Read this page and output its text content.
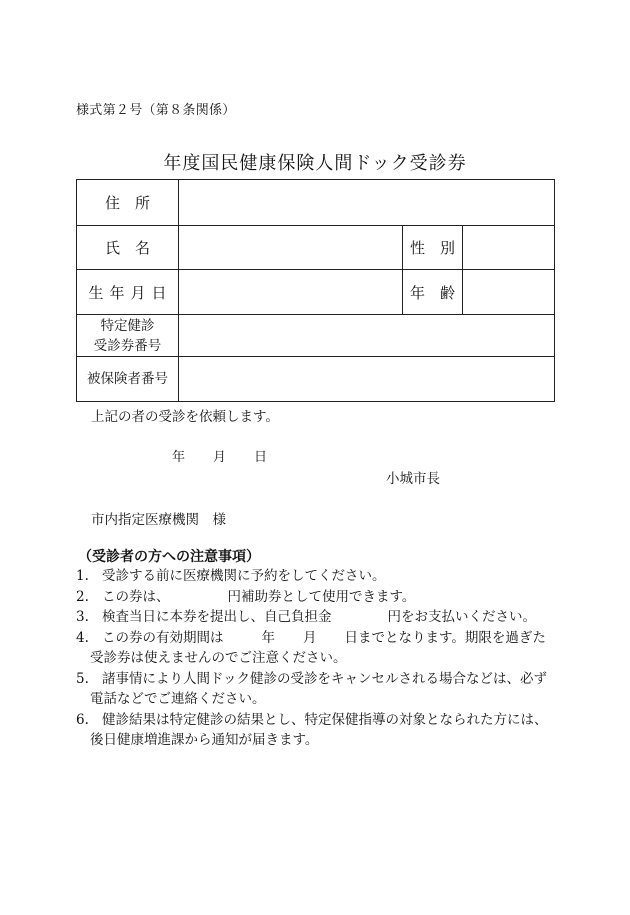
様式第２号（第８条関係）
年度国民健康保険人間ドック受診券
住　所			
氏　名		性　別	
生年月日		年　齢	

特定健診
受診券番号			

被保険者番号			
上記の者の受診を依頼します。
年 月 日
小城市長
市内指定医療機関　様
（受診者の方への注意事項）
1. 受診する前に医療機関に予約をしてください。
2. この券は、	円補助券として使用できます。
3. 検査当日に本券を提出し、自己負担金	円をお支払いください。
4. この券の有効期間は	年 月 日までとなります。期限を過ぎた
受診券は使えませんのでご注意ください。
5. 諸事情により人間ドック健診の受診をキャンセルされる場合などは、必ず
電話などでご連絡ください。
6. 健診結果は特定健診の結果とし、特定保健指導の対象となられた方には、
後日健康増進課から通知が届きます。
